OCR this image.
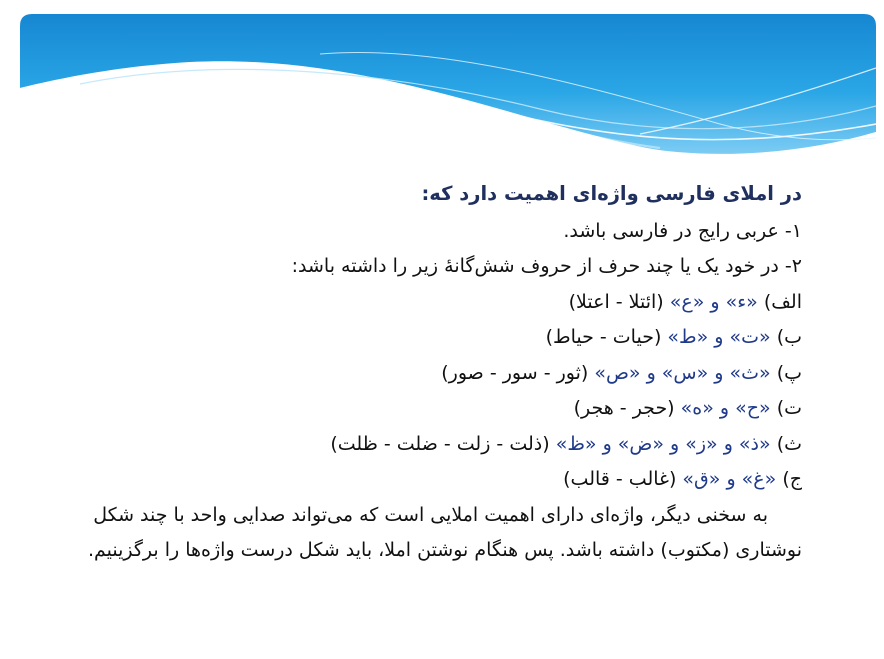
در املای فارسی واژه‌ای اهمیت دارد که:
۱- عربی رایج در فارسی باشد.
۲- در خود یک یا چند حرف از حروف شش‌گانهٔ زیر را داشته باشد:
الف) «ء» و «ع» (ائتلا - اعتلا)
ب) «ت» و «ط» (حیات - حیاط)
پ) «ث» و «س» و «ص» (ثور - سور - صور)
ت) «ح» و «ه» (حجر - هجر)
ث) «ذ» و «ز» و «ض» و «ظ» (ذلت - زلت - ضلت - ظلت)
ج) «غ» و «ق» (غالب - قالب)
به سخنی دیگر، واژه‌ای دارای اهمیت املایی است که می‌تواند صدایی واحد با چند شکل نوشتاری (مکتوب) داشته باشد. پس هنگام نوشتن املا، باید شکل درست واژه‌ها را برگزینیم.
